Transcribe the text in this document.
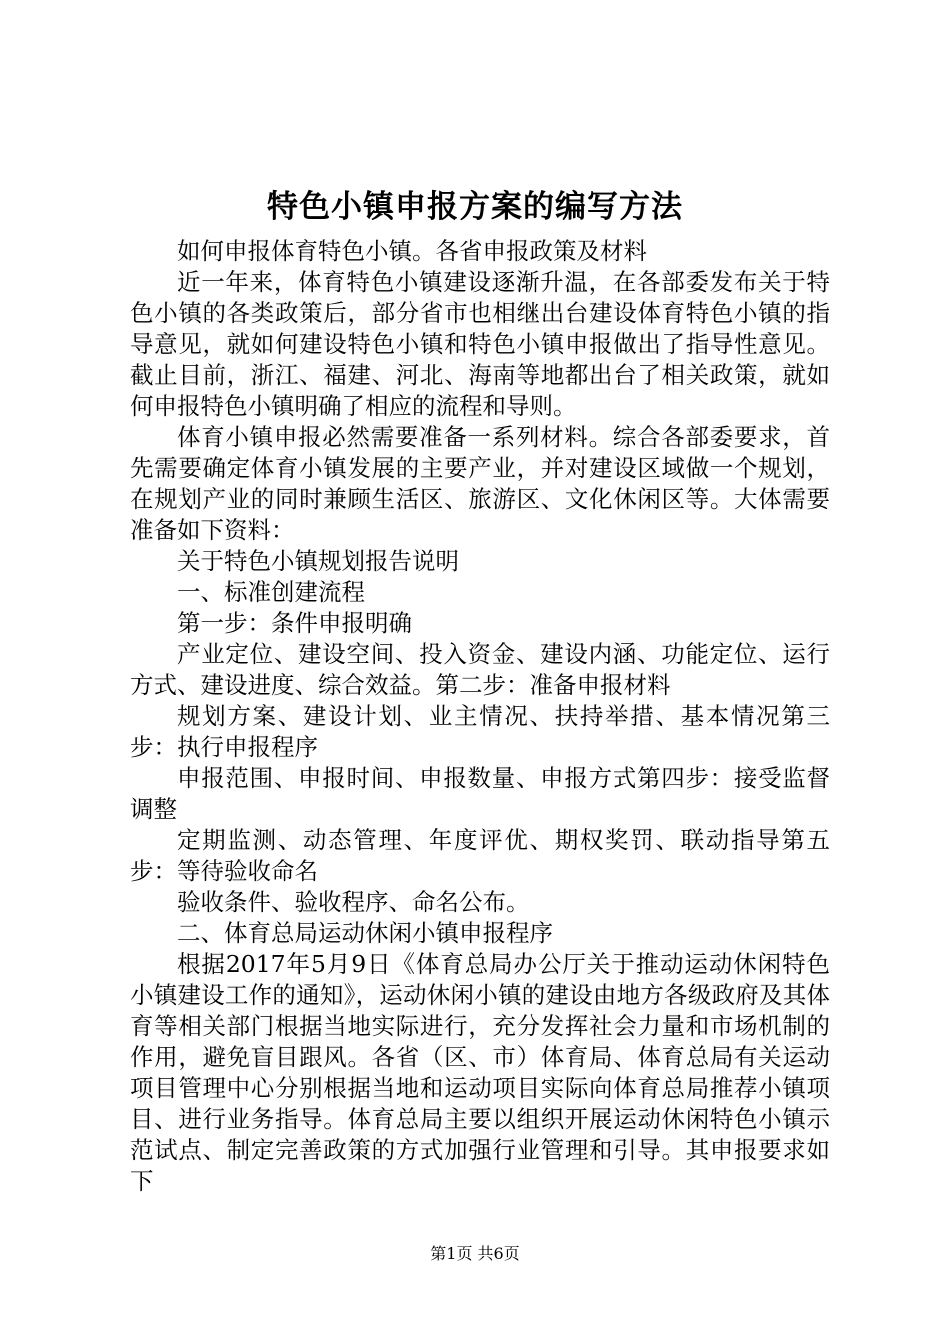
特色小镇申报方案的编写方法

如何申报体育特色小镇。各省申报政策及材料

近一年来，体育特色小镇建设逐渐升温，在各部委发布关于特色小镇的各类政策后，部分省市也相继出台建设体育特色小镇的指导意见，就如何建设特色小镇和特色小镇申报做出了指导性意见。截止目前，浙江、福建、河北、海南等地都出台了相关政策，就如何申报特色小镇明确了相应的流程和导则。

体育小镇申报必然需要准备一系列材料。综合各部委要求，首先需要确定体育小镇发展的主要产业，并对建设区域做一个规划，在规划产业的同时兼顾生活区、旅游区、文化休闲区等。大体需要准备如下资料：

关于特色小镇规划报告说明

一、标准创建流程

第一步：条件申报明确

产业定位、建设空间、投入资金、建设内涵、功能定位、运行方式、建设进度、综合效益。第二步：准备申报材料

规划方案、建设计划、业主情况、扶持举措、基本情况第三步：执行申报程序

申报范围、申报时间、申报数量、申报方式第四步：接受监督调整

定期监测、动态管理、年度评优、期权奖罚、联动指导第五步：等待验收命名

验收条件、验收程序、命名公布。

二、体育总局运动休闲小镇申报程序

根据2017年5月9日《体育总局办公厅关于推动运动休闲特色小镇建设工作的通知》，运动休闲小镇的建设由地方各级政府及其体育等相关部门根据当地实际进行，充分发挥社会力量和市场机制的作用，避免盲目跟风。各省（区、市）体育局、体育总局有关运动项目管理中心分别根据当地和运动项目实际向体育总局推荐小镇项目、进行业务指导。体育总局主要以组织开展运动休闲特色小镇示范试点、制定完善政策的方式加强行业管理和引导。其申报要求如下

第1页 共6页
